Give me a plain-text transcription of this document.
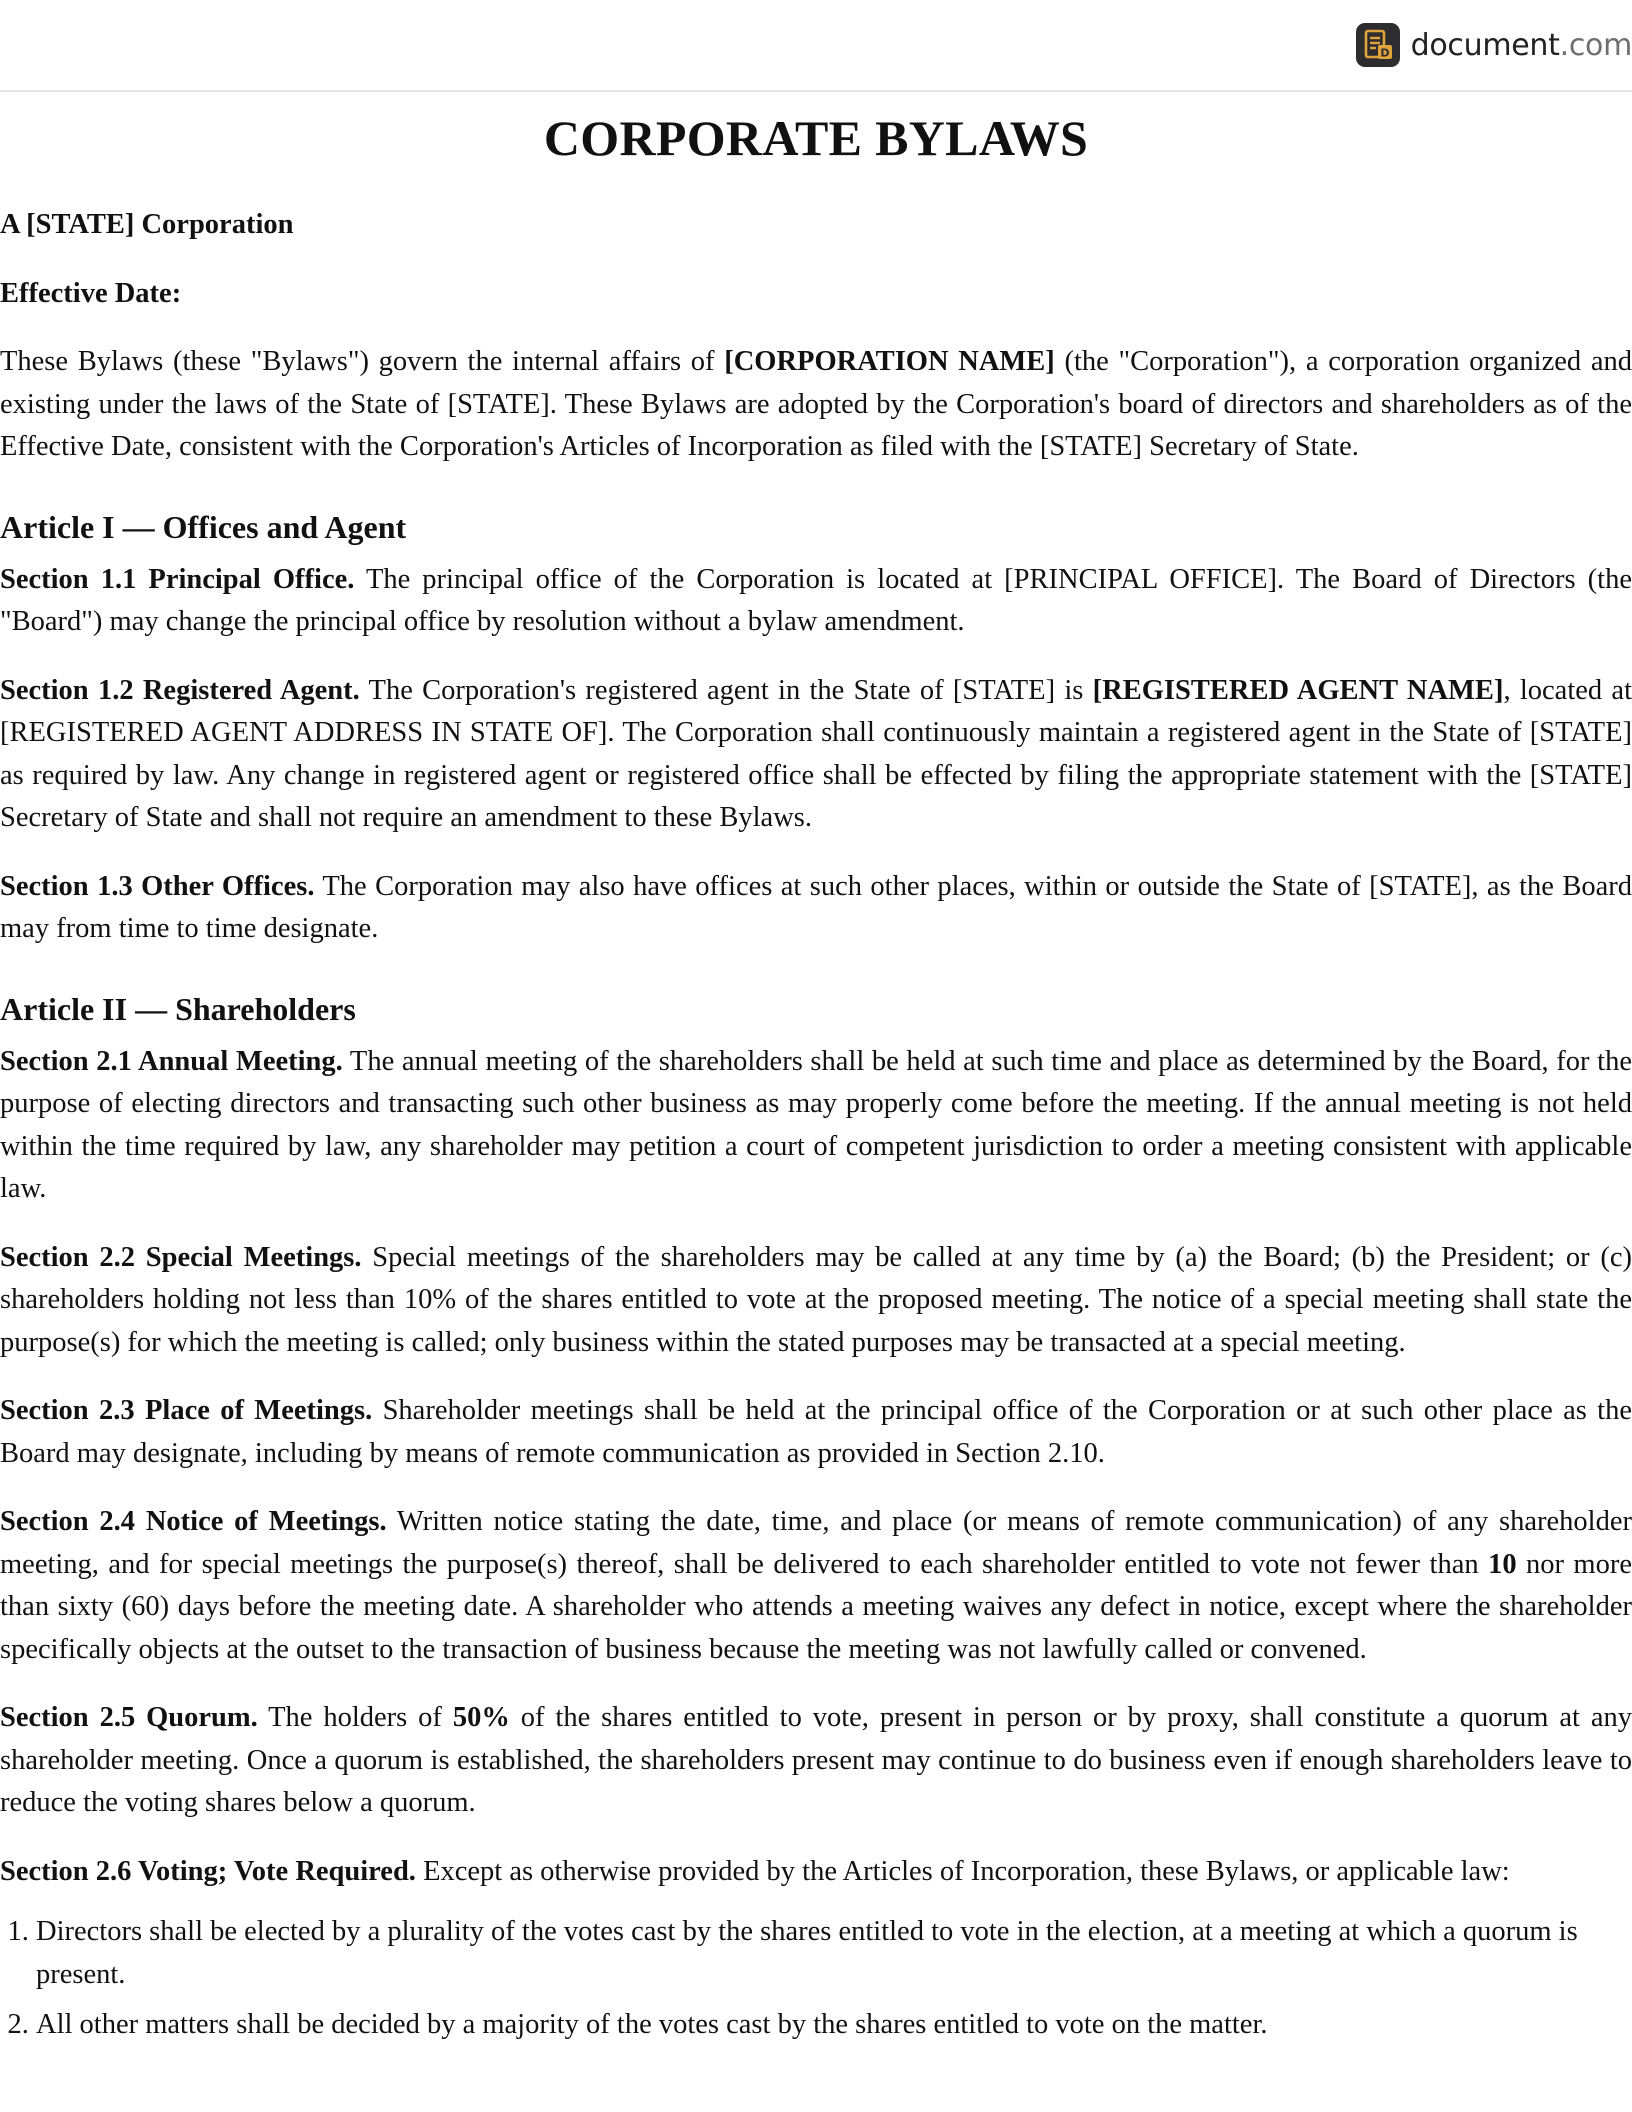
D document.com
CORPORATE BYLAWS

A [STATE] Corporation

Effective Date:

These Bylaws (these "Bylaws") govern the internal affairs of [CORPORATION NAME] (the "Corporation"), a corporation organized and existing under the laws of the State of [STATE]. These Bylaws are adopted by the Corporation's board of directors and shareholders as of the Effective Date, consistent with the Corporation's Articles of Incorporation as filed with the [STATE] Secretary of State.

Article I — Offices and Agent

Section 1.1 Principal Office. The principal office of the Corporation is located at [PRINCIPAL OFFICE]. The Board of Directors (the "Board") may change the principal office by resolution without a bylaw amendment.

Section 1.2 Registered Agent. The Corporation's registered agent in the State of [STATE] is [REGISTERED AGENT NAME], located at [REGISTERED AGENT ADDRESS IN STATE OF]. The Corporation shall continuously maintain a registered agent in the State of [STATE] as required by law. Any change in registered agent or registered office shall be effected by filing the appropriate statement with the [STATE] Secretary of State and shall not require an amendment to these Bylaws.

Section 1.3 Other Offices. The Corporation may also have offices at such other places, within or outside the State of [STATE], as the Board may from time to time designate.

Article II — Shareholders

Section 2.1 Annual Meeting. The annual meeting of the shareholders shall be held at such time and place as determined by the Board, for the purpose of electing directors and transacting such other business as may properly come before the meeting. If the annual meeting is not held within the time required by law, any shareholder may petition a court of competent jurisdiction to order a meeting consistent with applicable law.

Section 2.2 Special Meetings. Special meetings of the shareholders may be called at any time by (a) the Board; (b) the President; or (c) shareholders holding not less than 10% of the shares entitled to vote at the proposed meeting. The notice of a special meeting shall state the purpose(s) for which the meeting is called; only business within the stated purposes may be transacted at a special meeting.

Section 2.3 Place of Meetings. Shareholder meetings shall be held at the principal office of the Corporation or at such other place as the Board may designate, including by means of remote communication as provided in Section 2.10.

Section 2.4 Notice of Meetings. Written notice stating the date, time, and place (or means of remote communication) of any shareholder meeting, and for special meetings the purpose(s) thereof, shall be delivered to each shareholder entitled to vote not fewer than 10 nor more than sixty (60) days before the meeting date. A shareholder who attends a meeting waives any defect in notice, except where the shareholder specifically objects at the outset to the transaction of business because the meeting was not lawfully called or convened.

Section 2.5 Quorum. The holders of 50% of the shares entitled to vote, present in person or by proxy, shall constitute a quorum at any shareholder meeting. Once a quorum is established, the shareholders present may continue to do business even if enough shareholders leave to reduce the voting shares below a quorum.

Section 2.6 Voting; Vote Required. Except as otherwise provided by the Articles of Incorporation, these Bylaws, or applicable law:

1. Directors shall be elected by a plurality of the votes cast by the shares entitled to vote in the election, at a meeting at which a quorum is present.
2. All other matters shall be decided by a majority of the votes cast by the shares entitled to vote on the matter.
